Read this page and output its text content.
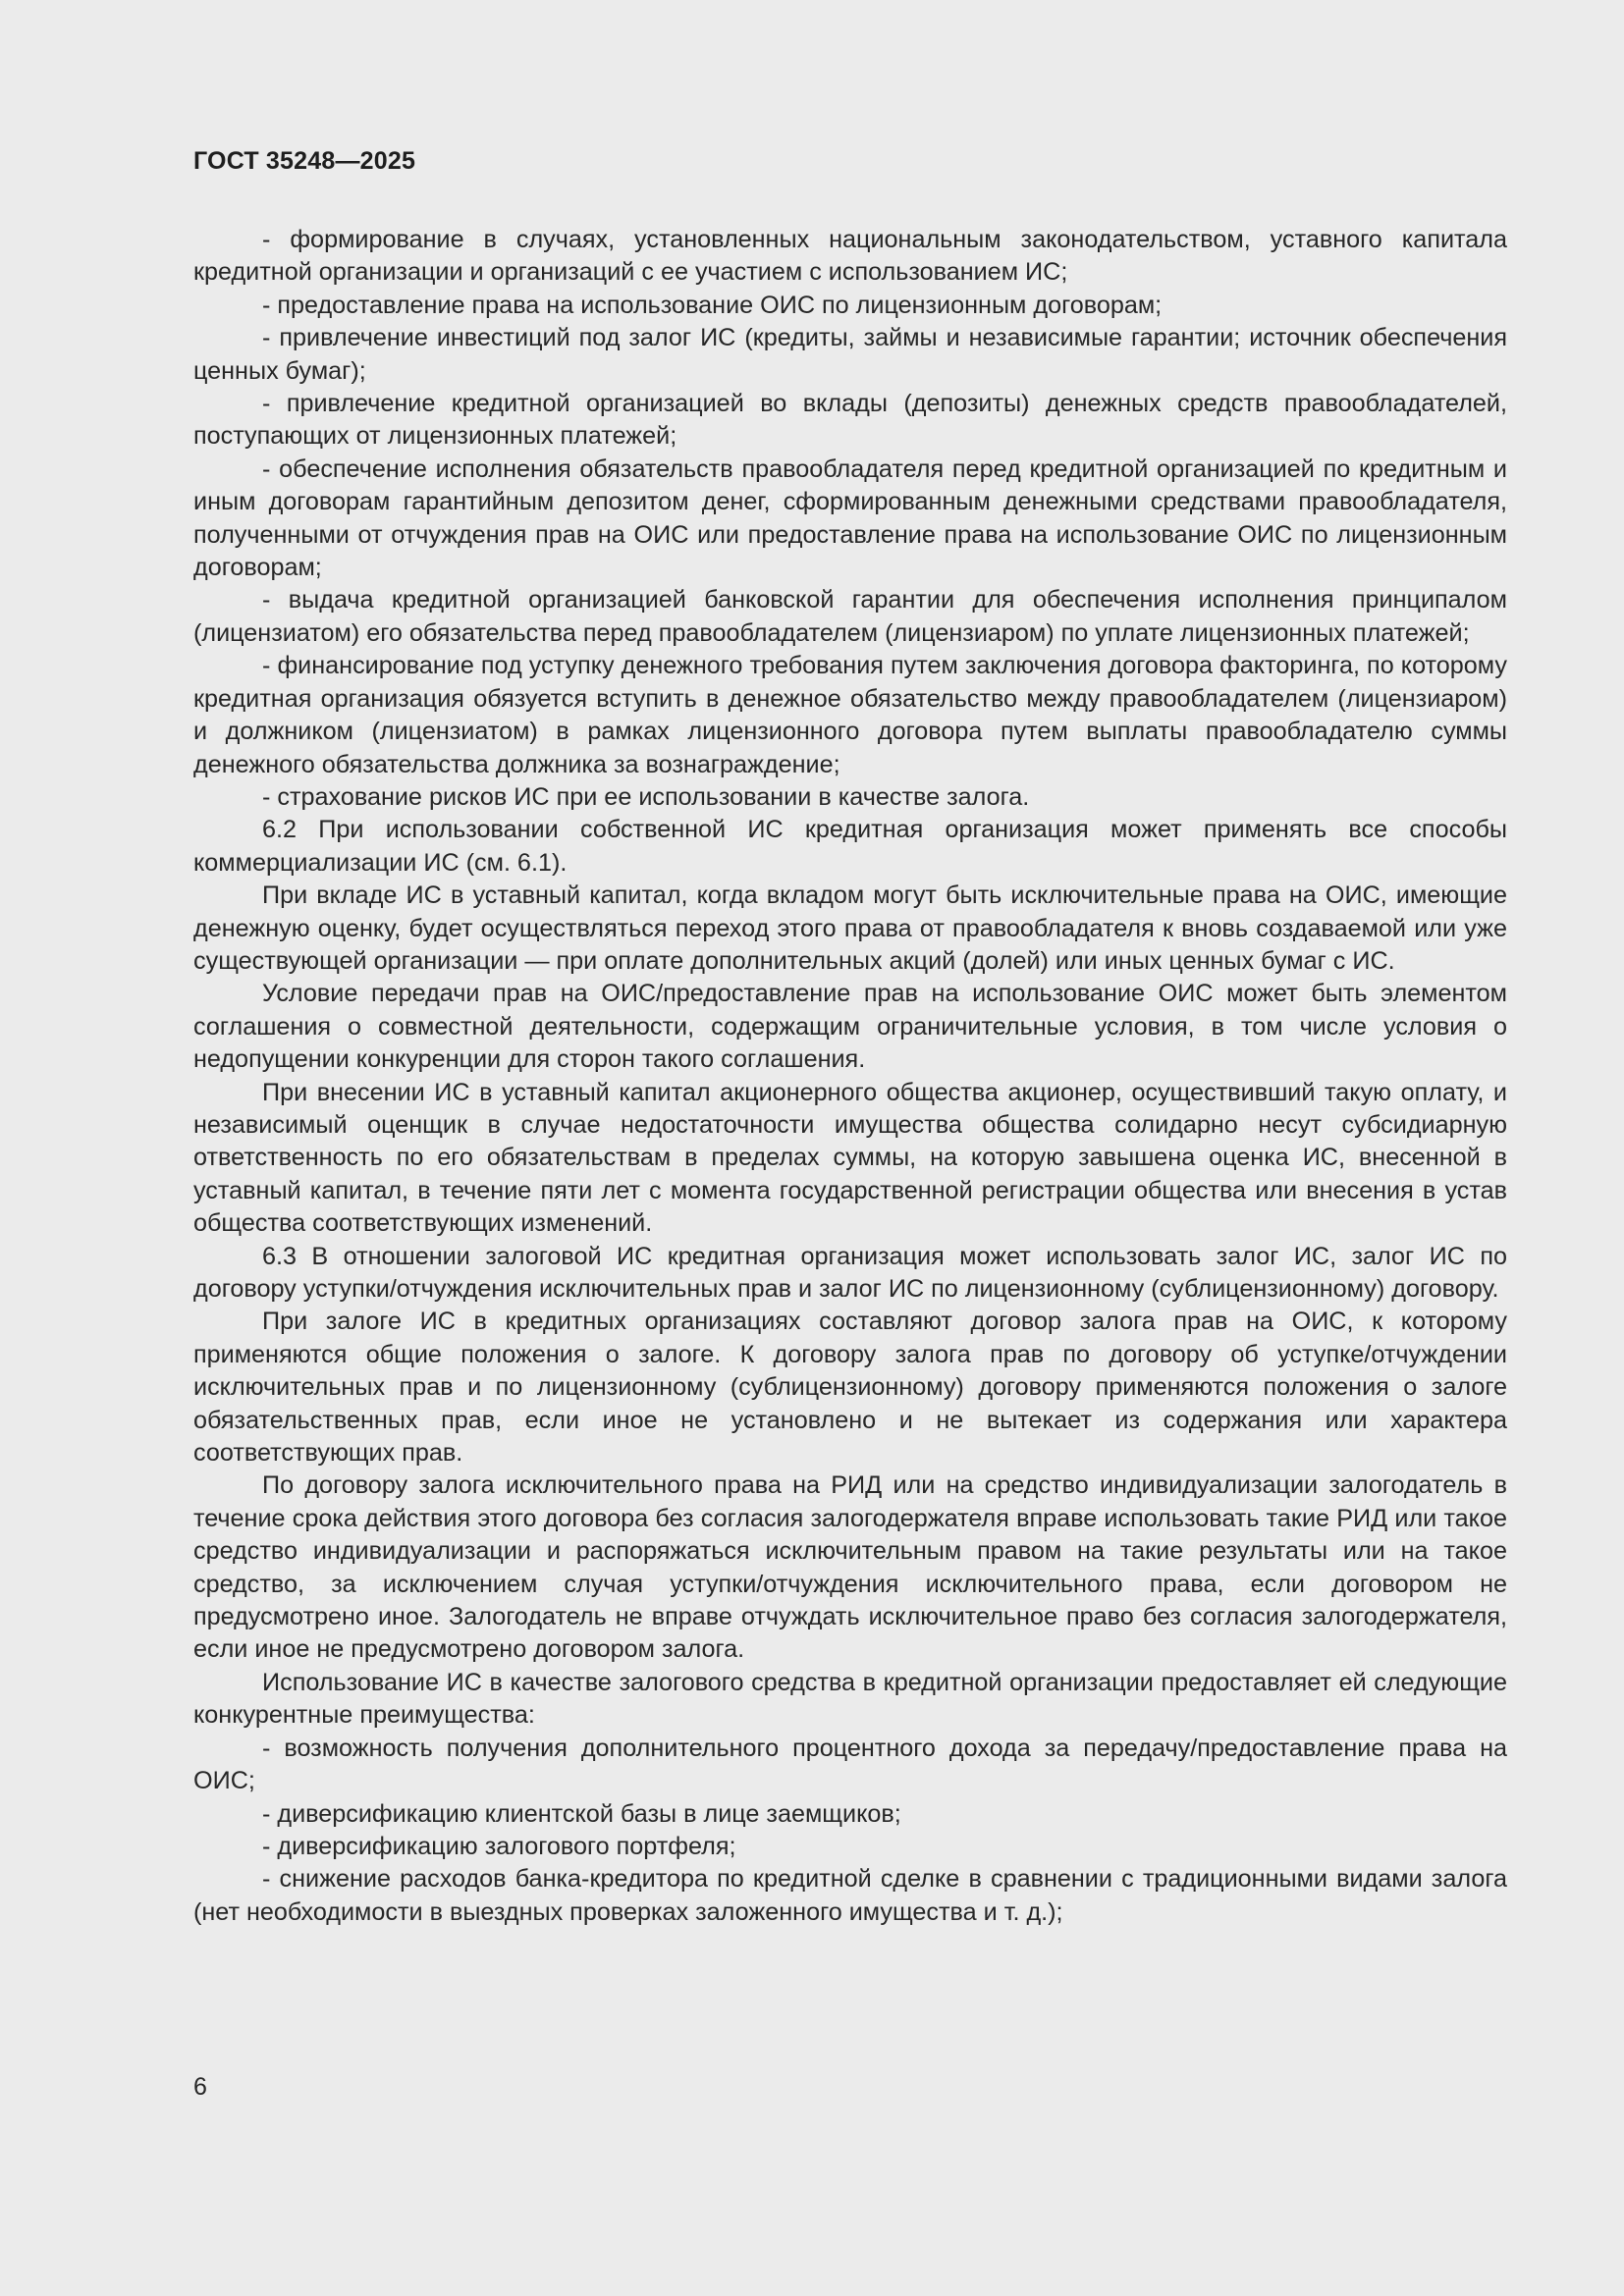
ГОСТ 35248—2025

- формирование в случаях, установленных национальным законодательством, уставного капитала кредитной организации и организаций с ее участием с использованием ИС;

- предоставление права на использование ОИС по лицензионным договорам;

- привлечение инвестиций под залог ИС (кредиты, займы и независимые гарантии; источник обеспечения ценных бумаг);

- привлечение кредитной организацией во вклады (депозиты) денежных средств правообладателей, поступающих от лицензионных платежей;

- обеспечение исполнения обязательств правообладателя перед кредитной организацией по кредитным и иным договорам гарантийным депозитом денег, сформированным денежными средствами правообладателя, полученными от отчуждения прав на ОИС или предоставление права на использование ОИС по лицензионным договорам;

- выдача кредитной организацией банковской гарантии для обеспечения исполнения принципалом (лицензиатом) его обязательства перед правообладателем (лицензиаром) по уплате лицензионных платежей;

- финансирование под уступку денежного требования путем заключения договора факторинга, по которому кредитная организация обязуется вступить в денежное обязательство между правообладателем (лицензиаром) и должником (лицензиатом) в рамках лицензионного договора путем выплаты правообладателю суммы денежного обязательства должника за вознаграждение;

- страхование рисков ИС при ее использовании в качестве залога.

6.2 При использовании собственной ИС кредитная организация может применять все способы коммерциализации ИС (см. 6.1).

При вкладе ИС в уставный капитал, когда вкладом могут быть исключительные права на ОИС, имеющие денежную оценку, будет осуществляться переход этого права от правообладателя к вновь создаваемой или уже существующей организации — при оплате дополнительных акций (долей) или иных ценных бумаг с ИС.

Условие передачи прав на ОИС/предоставление прав на использование ОИС может быть элементом соглашения о совместной деятельности, содержащим ограничительные условия, в том числе условия о недопущении конкуренции для сторон такого соглашения.

При внесении ИС в уставный капитал акционерного общества акционер, осуществивший такую оплату, и независимый оценщик в случае недостаточности имущества общества солидарно несут субсидиарную ответственность по его обязательствам в пределах суммы, на которую завышена оценка ИС, внесенной в уставный капитал, в течение пяти лет с момента государственной регистрации общества или внесения в устав общества соответствующих изменений.

6.3 В отношении залоговой ИС кредитная организация может использовать залог ИС, залог ИС по договору уступки/отчуждения исключительных прав и залог ИС по лицензионному (сублицензионному) договору.

При залоге ИС в кредитных организациях составляют договор залога прав на ОИС, к которому применяются общие положения о залоге. К договору залога прав по договору об уступке/отчуждении исключительных прав и по лицензионному (сублицензионному) договору применяются положения о залоге обязательственных прав, если иное не установлено и не вытекает из содержания или характера соответствующих прав.

По договору залога исключительного права на РИД или на средство индивидуализации залогодатель в течение срока действия этого договора без согласия залогодержателя вправе использовать такие РИД или такое средство индивидуализации и распоряжаться исключительным правом на такие результаты или на такое средство, за исключением случая уступки/отчуждения исключительного права, если договором не предусмотрено иное. Залогодатель не вправе отчуждать исключительное право без согласия залогодержателя, если иное не предусмотрено договором залога.

Использование ИС в качестве залогового средства в кредитной организации предоставляет ей следующие конкурентные преимущества:

- возможность получения дополнительного процентного дохода за передачу/предоставление права на ОИС;

- диверсификацию клиентской базы в лице заемщиков;

- диверсификацию залогового портфеля;

- снижение расходов банка-кредитора по кредитной сделке в сравнении с традиционными видами залога (нет необходимости в выездных проверках заложенного имущества и т. д.);

6
